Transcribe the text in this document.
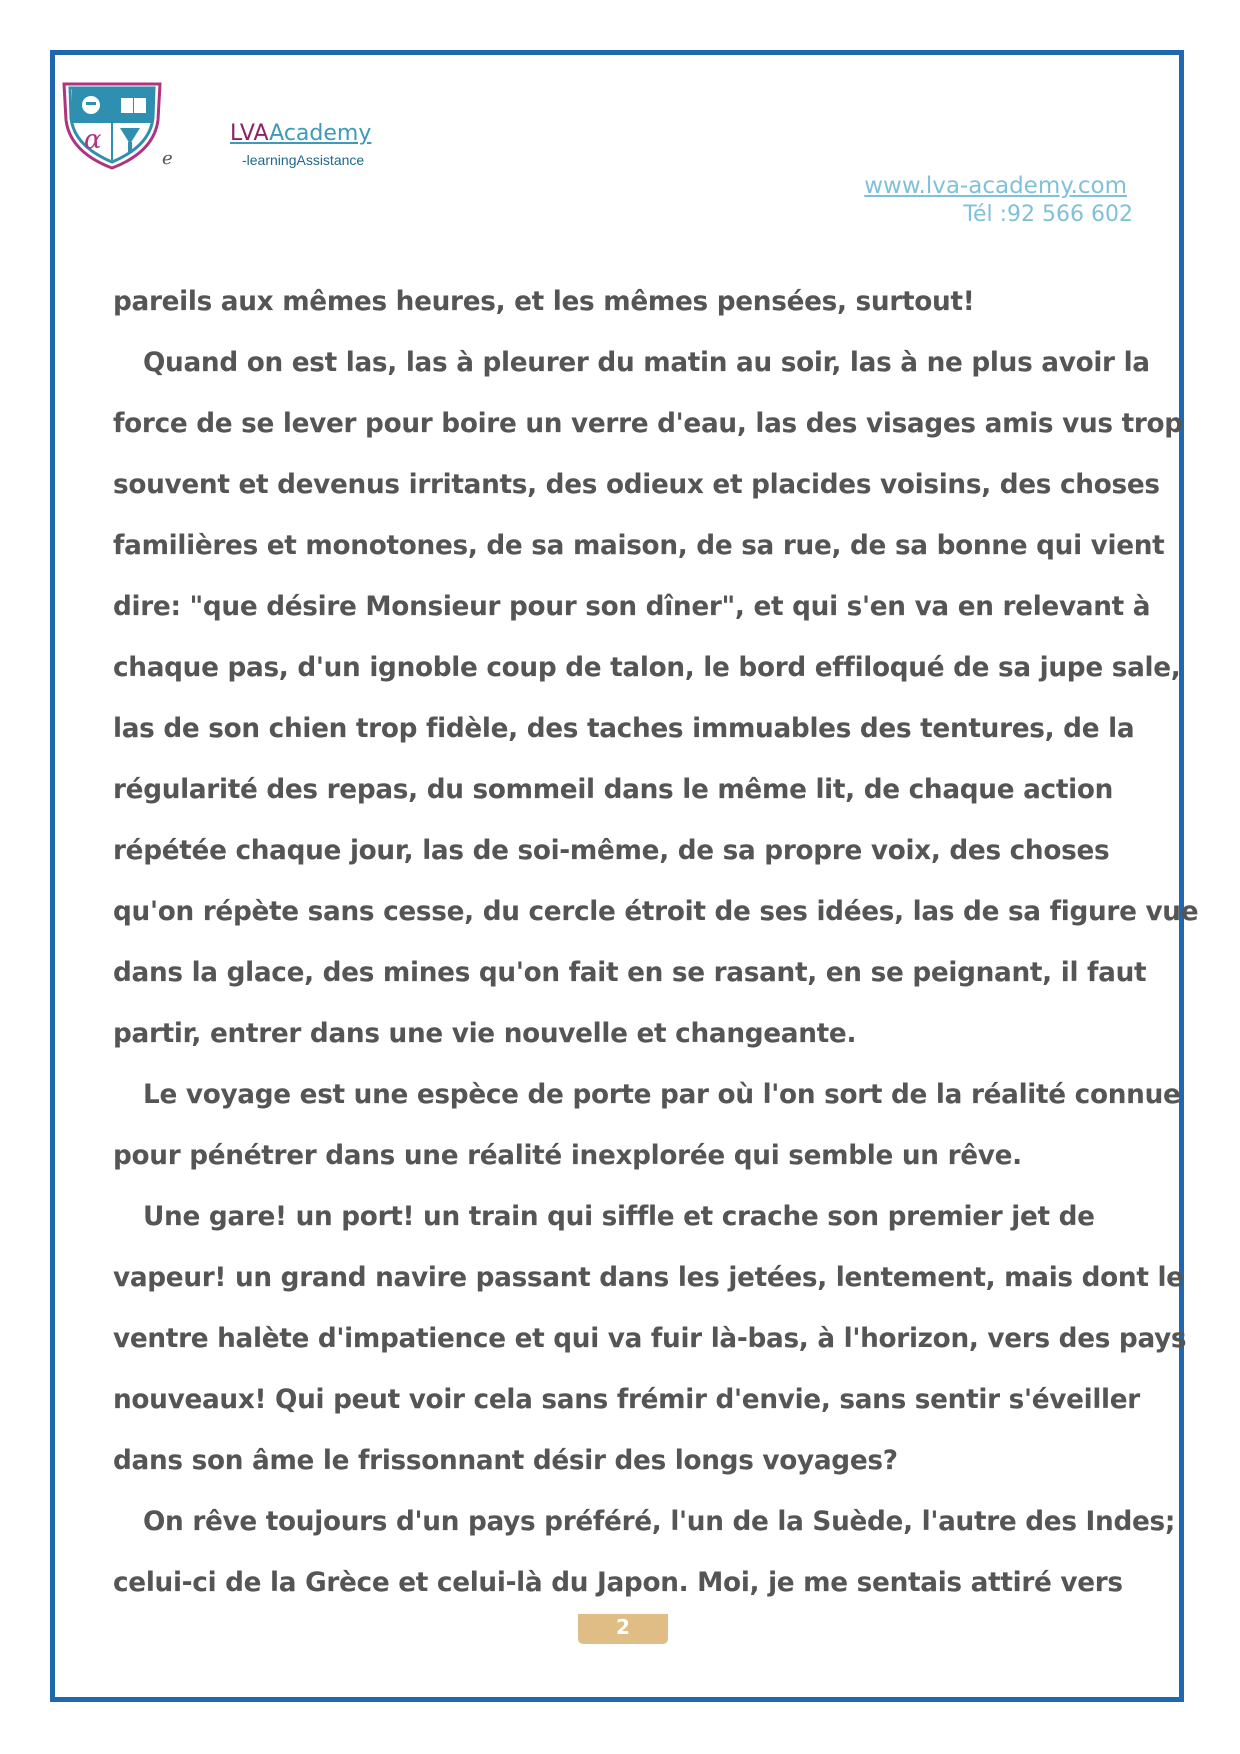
α
e
LVAAcademy
-learningAssistance
www.lva-academy.com
Tél :92 566 602
pareils aux mêmes heures, et les mêmes pensées, surtout!
Quand on est las, las à pleurer du matin au soir, las à ne plus avoir la
force de se lever pour boire un verre d'eau, las des visages amis vus trop
souvent et devenus irritants, des odieux et placides voisins, des choses
familières et monotones, de sa maison, de sa rue, de sa bonne qui vient
dire: "que désire Monsieur pour son dîner", et qui s'en va en relevant à
chaque pas, d'un ignoble coup de talon, le bord effiloqué de sa jupe sale,
las de son chien trop fidèle, des taches immuables des tentures, de la
régularité des repas, du sommeil dans le même lit, de chaque action
répétée chaque jour, las de soi-même, de sa propre voix, des choses
qu'on répète sans cesse, du cercle étroit de ses idées, las de sa figure vue
dans la glace, des mines qu'on fait en se rasant, en se peignant, il faut
partir, entrer dans une vie nouvelle et changeante.
Le voyage est une espèce de porte par où l'on sort de la réalité connue
pour pénétrer dans une réalité inexplorée qui semble un rêve.
Une gare! un port! un train qui siffle et crache son premier jet de
vapeur! un grand navire passant dans les jetées, lentement, mais dont le
ventre halète d'impatience et qui va fuir là-bas, à l'horizon, vers des pays
nouveaux! Qui peut voir cela sans frémir d'envie, sans sentir s'éveiller
dans son âme le frissonnant désir des longs voyages?
On rêve toujours d'un pays préféré, l'un de la Suède, l'autre des Indes;
celui-ci de la Grèce et celui-là du Japon. Moi, je me sentais attiré vers
2
